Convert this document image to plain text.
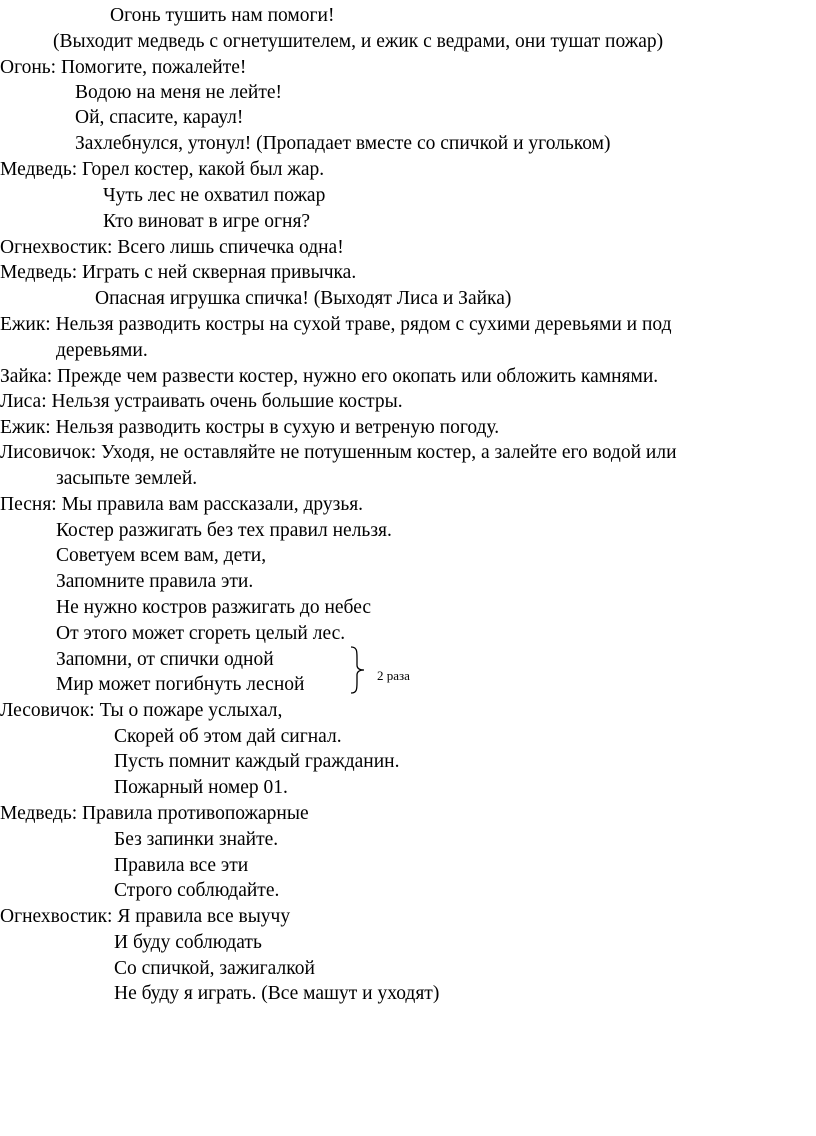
Огонь тушить нам помоги!
(Выходит медведь с огнетушителем, и ежик с ведрами, они тушат пожар)
Огонь: Помогите, пожалейте!
Водою на меня не лейте!
Ой, спасите, караул!
Захлебнулся, утонул! (Пропадает вместе со спичкой и угольком)
Медведь: Горел костер, какой был жар.
Чуть лес не охватил пожар
Кто виноват в игре огня?
Огнехвостик: Всего лишь спичечка одна!
Медведь: Играть с ней скверная привычка.
Опасная игрушка спичка! (Выходят Лиса и Зайка)
Ежик: Нельзя разводить костры на сухой траве, рядом с сухими деревьями и под
деревьями.
Зайка: Прежде чем развести костер, нужно его окопать или обложить камнями.
Лиса: Нельзя устраивать очень большие костры.
Ежик: Нельзя разводить костры в сухую и ветреную погоду.
Лисовичок: Уходя, не оставляйте не потушенным костер, а залейте его водой или
засыпьте землей.
Песня: Мы правила вам рассказали, друзья.
Костер разжигать без тех правил нельзя.
Советуем всем вам, дети,
Запомните правила эти.
Не нужно костров разжигать до небес
От этого может сгореть целый лес.
Запомни, от спички одной
Мир может погибнуть лесной	2 раза
Лесовичок: Ты о пожаре услыхал,
Скорей об этом дай сигнал.
Пусть помнит каждый гражданин.
Пожарный номер 01.
Медведь: Правила противопожарные
Без запинки знайте.
Правила все эти
Строго соблюдайте.
Огнехвостик: Я правила все выучу
И буду соблюдать
Со спичкой, зажигалкой
Не буду я играть. (Все машут и уходят)
